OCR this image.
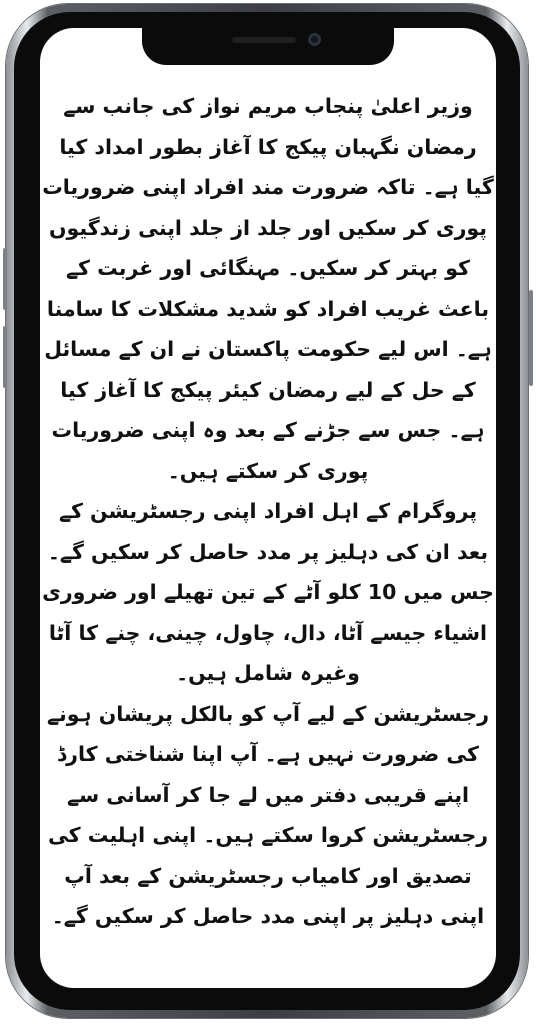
وزیر اعلیٰ پنجاب مریم نواز کی جانب سے رمضان نگہبان پیکج کا آغاز بطور امداد کیا گیا ہے۔ تاکہ ضرورت مند افراد اپنی ضروریات پوری کر سکیں اور جلد از جلد اپنی زندگیوں کو بہتر کر سکیں۔ مہنگائی اور غربت کے باعث غریب افراد کو شدید مشکلات کا سامنا ہے۔ اس لیے حکومت پاکستان نے ان کے مسائل کے حل کے لیے رمضان کیئر پیکج کا آغاز کیا ہے۔ جس سے جڑنے کے بعد وہ اپنی ضروریات پوری کر سکتے ہیں۔

پروگرام کے اہل افراد اپنی رجسٹریشن کے بعد ان کی دہلیز پر مدد حاصل کر سکیں گے۔ جس میں 10 کلو آٹے کے تین تھیلے اور ضروری اشیاء جیسے آٹا، دال، چاول، چینی، چنے کا آٹا وغیرہ شامل ہیں۔

رجسٹریشن کے لیے آپ کو بالکل پریشان ہونے کی ضرورت نہیں ہے۔ آپ اپنا شناختی کارڈ اپنے قریبی دفتر میں لے جا کر آسانی سے رجسٹریشن کروا سکتے ہیں۔ اپنی اہلیت کی تصدیق اور کامیاب رجسٹریشن کے بعد آپ اپنی دہلیز پر اپنی مدد حاصل کر سکیں گے۔
